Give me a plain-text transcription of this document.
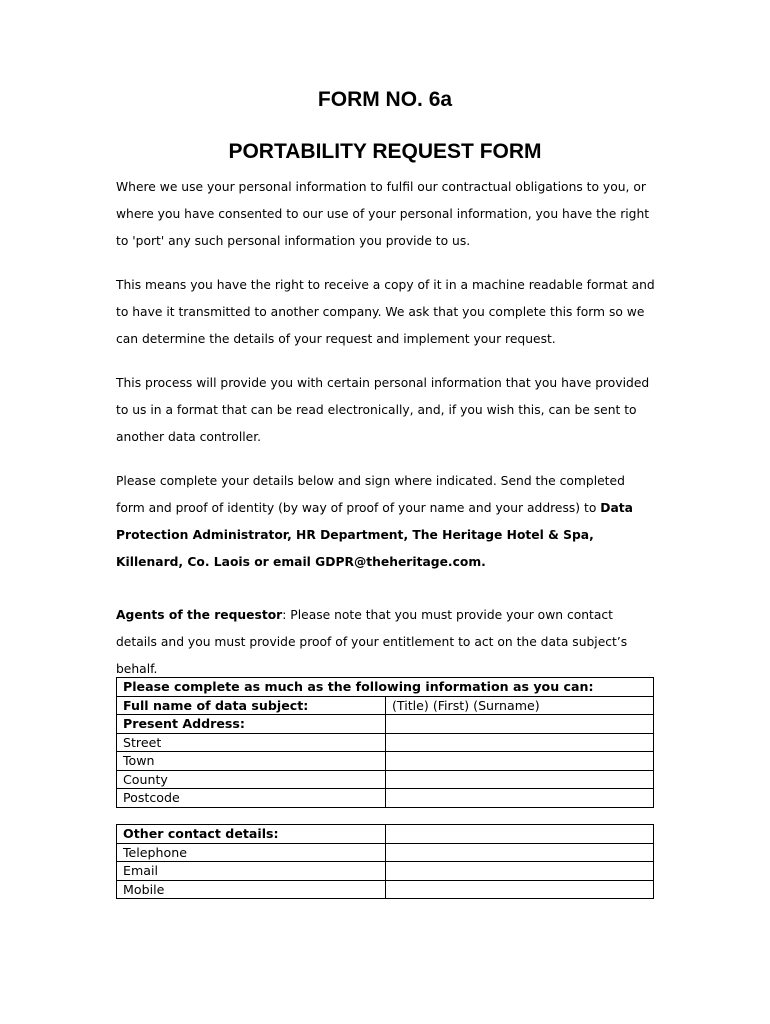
FORM NO. 6a
PORTABILITY REQUEST FORM

Where we use your personal information to fulfil our contractual obligations to you, or where you have consented to our use of your personal information, you have the right to 'port' any such personal information you provide to us.

This means you have the right to receive a copy of it in a machine readable format and to have it transmitted to another company. We ask that you complete this form so we can determine the details of your request and implement your request.

This process will provide you with certain personal information that you have provided to us in a format that can be read electronically, and, if you wish this, can be sent to another data controller.

Please complete your details below and sign where indicated. Send the completed form and proof of identity (by way of proof of your name and your address) to Data Protection Administrator, HR Department, The Heritage Hotel & Spa, Killenard, Co. Laois or email GDPR@theheritage.com.

Agents of the requestor: Please note that you must provide your own contact details and you must provide proof of your entitlement to act on the data subject’s behalf.

Please complete as much as the following information as you can:	
Full name of data subject:	(Title) (First) (Surname)
Present Address:	
Street	
Town	
County	
Postcode	
Other contact details:	
Telephone	
Email	
Mobile	
